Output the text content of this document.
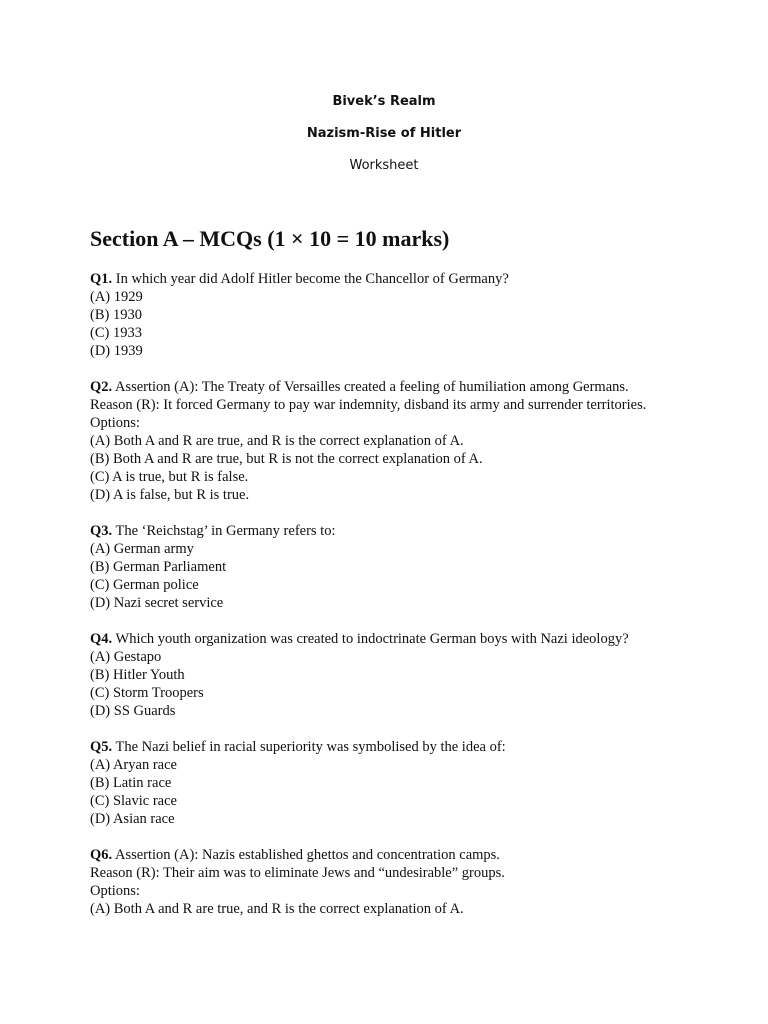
Bivek’s Realm
Nazism-Rise of Hitler
Worksheet
Section A – MCQs (1 × 10 = 10 marks)
Q1. In which year did Adolf Hitler become the Chancellor of Germany?
(A) 1929
(B) 1930
(C) 1933
(D) 1939
Q2. Assertion (A): The Treaty of Versailles created a feeling of humiliation among Germans.
Reason (R): It forced Germany to pay war indemnity, disband its army and surrender territories.
Options:
(A) Both A and R are true, and R is the correct explanation of A.
(B) Both A and R are true, but R is not the correct explanation of A.
(C) A is true, but R is false.
(D) A is false, but R is true.
Q3. The ‘Reichstag’ in Germany refers to:
(A) German army
(B) German Parliament
(C) German police
(D) Nazi secret service
Q4. Which youth organization was created to indoctrinate German boys with Nazi ideology?
(A) Gestapo
(B) Hitler Youth
(C) Storm Troopers
(D) SS Guards
Q5. The Nazi belief in racial superiority was symbolised by the idea of:
(A) Aryan race
(B) Latin race
(C) Slavic race
(D) Asian race
Q6. Assertion (A): Nazis established ghettos and concentration camps.
Reason (R): Their aim was to eliminate Jews and “undesirable” groups.
Options:
(A) Both A and R are true, and R is the correct explanation of A.
